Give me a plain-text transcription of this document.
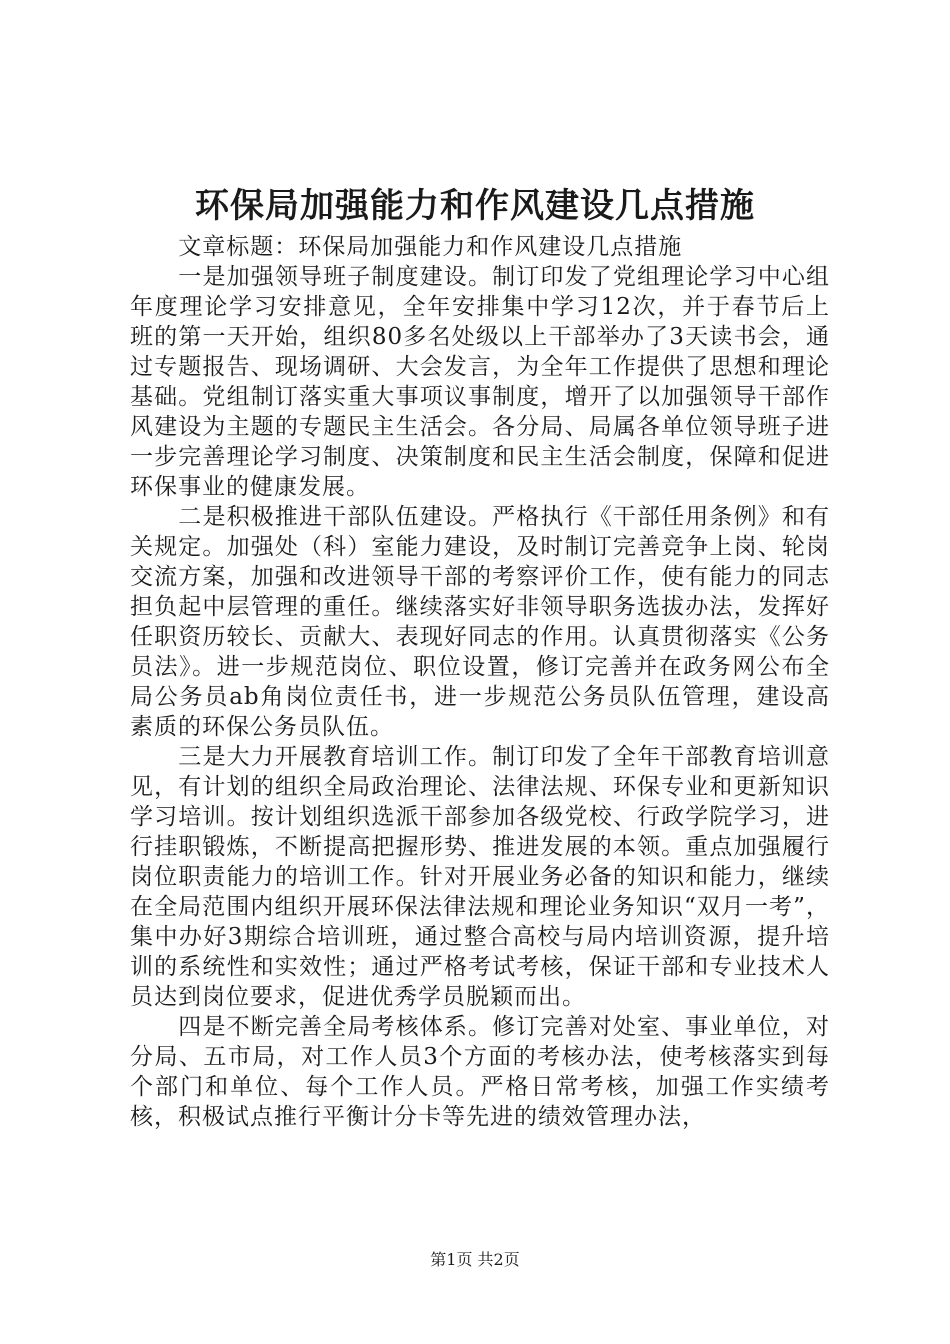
环保局加强能力和作风建设几点措施

文章标题：环保局加强能力和作风建设几点措施

一是加强领导班子制度建设。制订印发了党组理论学习中心组年度理论学习安排意见，全年安排集中学习12次，并于春节后上班的第一天开始，组织80多名处级以上干部举办了3天读书会，通过专题报告、现场调研、大会发言，为全年工作提供了思想和理论基础。党组制订落实重大事项议事制度，增开了以加强领导干部作风建设为主题的专题民主生活会。各分局、局属各单位领导班子进一步完善理论学习制度、决策制度和民主生活会制度，保障和促进环保事业的健康发展。

二是积极推进干部队伍建设。严格执行《干部任用条例》和有关规定。加强处（科）室能力建设，及时制订完善竞争上岗、轮岗交流方案，加强和改进领导干部的考察评价工作，使有能力的同志担负起中层管理的重任。继续落实好非领导职务选拔办法，发挥好任职资历较长、贡献大、表现好同志的作用。认真贯彻落实《公务员法》。进一步规范岗位、职位设置，修订完善并在政务网公布全局公务员ab角岗位责任书，进一步规范公务员队伍管理，建设高素质的环保公务员队伍。

三是大力开展教育培训工作。制订印发了全年干部教育培训意见，有计划的组织全局政治理论、法律法规、环保专业和更新知识学习培训。按计划组织选派干部参加各级党校、行政学院学习，进行挂职锻炼，不断提高把握形势、推进发展的本领。重点加强履行岗位职责能力的培训工作。针对开展业务必备的知识和能力，继续在全局范围内组织开展环保法律法规和理论业务知识“双月一考”，集中办好3期综合培训班，通过整合高校与局内培训资源，提升培训的系统性和实效性；通过严格考试考核，保证干部和专业技术人员达到岗位要求，促进优秀学员脱颖而出。

四是不断完善全局考核体系。修订完善对处室、事业单位，对分局、五市局，对工作人员3个方面的考核办法，使考核落实到每个部门和单位、每个工作人员。严格日常考核，加强工作实绩考核，积极试点推行平衡计分卡等先进的绩效管理办法，

第1页 共2页
